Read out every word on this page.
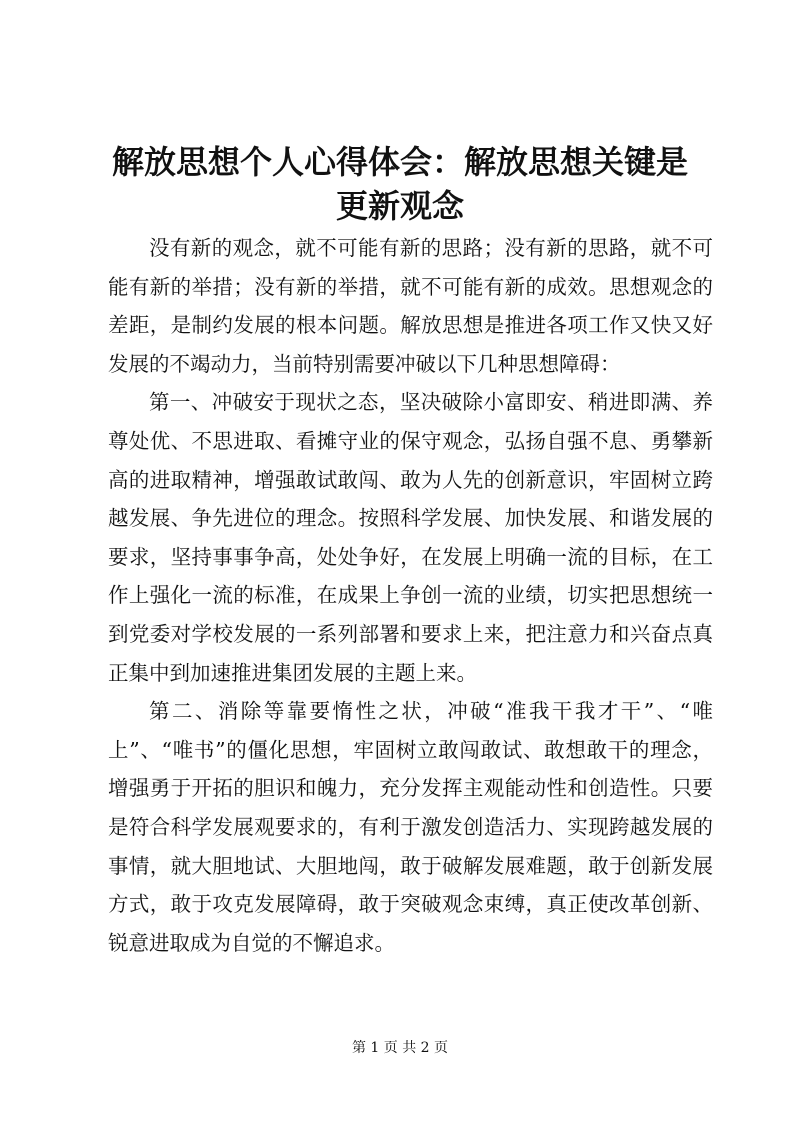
解放思想个人心得体会：解放思想关键是更新观念

没有新的观念，就不可能有新的思路；没有新的思路，就不可能有新的举措；没有新的举措，就不可能有新的成效。思想观念的差距，是制约发展的根本问题。解放思想是推进各项工作又快又好发展的不竭动力，当前特别需要冲破以下几种思想障碍：

第一、冲破安于现状之态，坚决破除小富即安、稍进即满、养尊处优、不思进取、看摊守业的保守观念，弘扬自强不息、勇攀新高的进取精神，增强敢试敢闯、敢为人先的创新意识，牢固树立跨越发展、争先进位的理念。按照科学发展、加快发展、和谐发展的要求，坚持事事争高，处处争好，在发展上明确一流的目标，在工作上强化一流的标准，在成果上争创一流的业绩，切实把思想统一到党委对学校发展的一系列部署和要求上来，把注意力和兴奋点真正集中到加速推进集团发展的主题上来。

第二、消除等靠要惰性之状，冲破“准我干我才干”、“唯上”、“唯书”的僵化思想，牢固树立敢闯敢试、敢想敢干的理念，增强勇于开拓的胆识和魄力，充分发挥主观能动性和创造性。只要是符合科学发展观要求的，有利于激发创造活力、实现跨越发展的事情，就大胆地试、大胆地闯，敢于破解发展难题，敢于创新发展方式，敢于攻克发展障碍，敢于突破观念束缚，真正使改革创新、锐意进取成为自觉的不懈追求。

第 1 页 共 2 页
